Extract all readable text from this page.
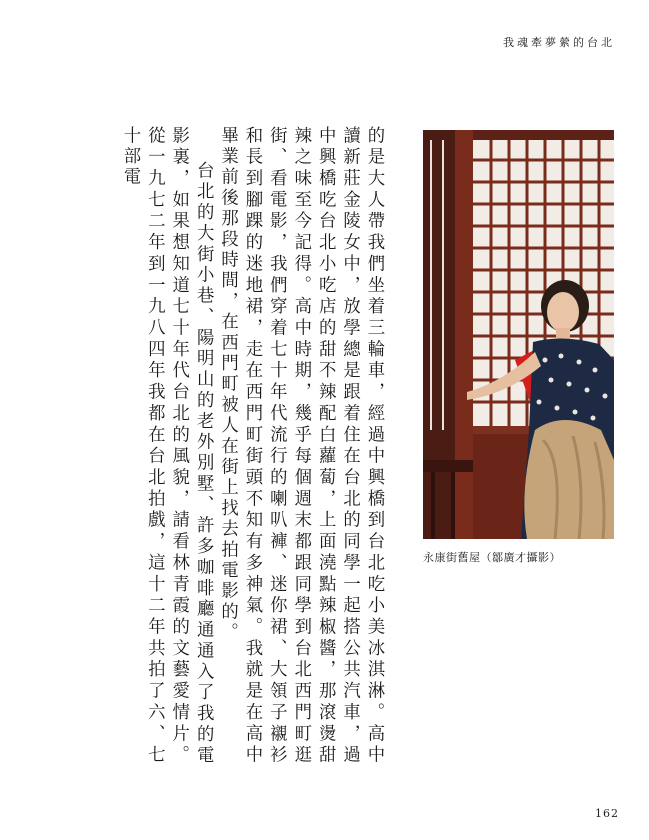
我魂牽夢縈的台北

的是大人帶我們坐着三輪車，經過中興橋到台北吃小美冰淇淋。高中讀新莊金陵女中，放學總是跟着住在台北的同學一起搭公共汽車，過中興橋吃台北小吃店的甜不辣配白蘿蔔，上面澆點辣椒醬，那滾燙甜辣之味至今記得。高中時期，幾乎每個週末都跟同學到台北西門町逛街、看電影，我們穿着七十年代流行的喇叭褲、迷你裙、大領子襯衫和長到腳踝的迷地裙，走在西門町街頭不知有多神氣。我就是在高中畢業前後那段時間，在西門町被人在街上找去拍電影的。

台北的大街小巷、陽明山的老外別墅、許多咖啡廳通通入了我的電影裏，如果想知道七十年代台北的風貌，請看林青霞的文藝愛情片。從一九七二年到一九八四年我都在台北拍戲，這十二年共拍了六、七十部電

永康街舊屋（鄒廣才攝影）
162
